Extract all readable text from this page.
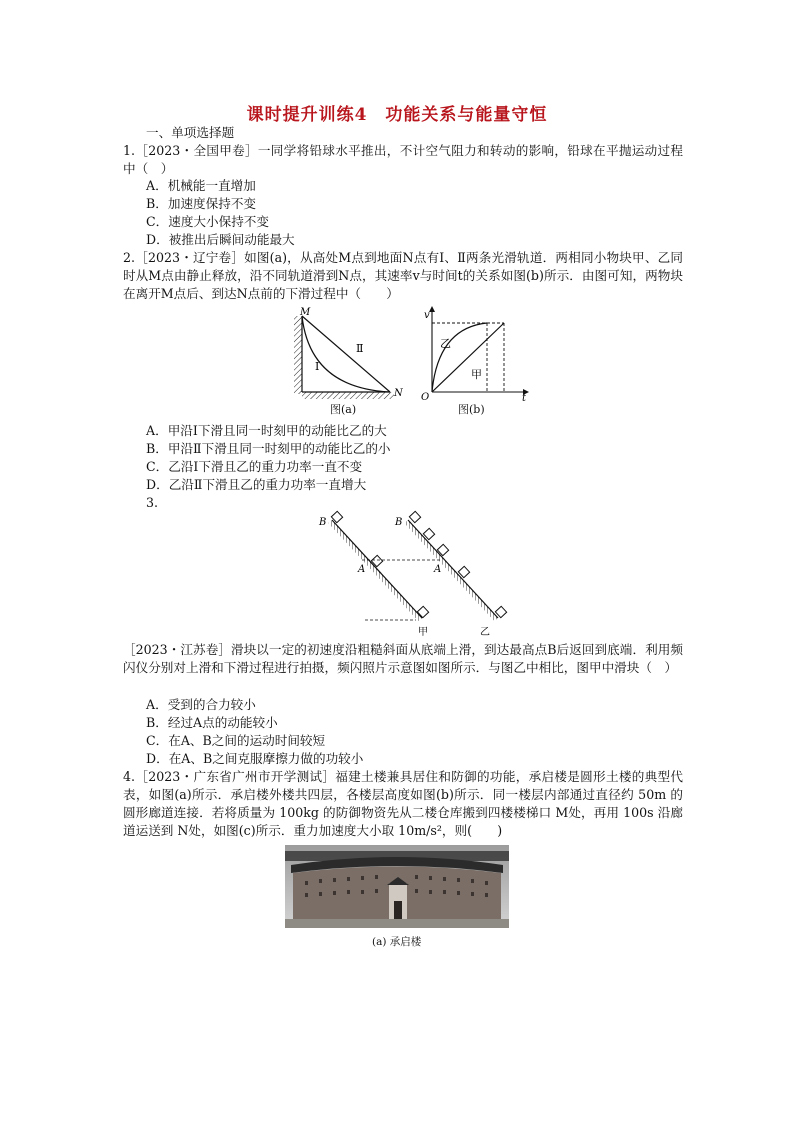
课时提升训练4　功能关系与能量守恒
一、单项选择题
1.［2023・全国甲卷］一同学将铅球水平推出，不计空气阻力和转动的影响，铅球在平抛运动过程中（　）
A．机械能一直增加
B．加速度保持不变
C．速度大小保持不变
D．被推出后瞬间动能最大
2.［2023・辽宁卷］如图(a)，从高处M点到地面N点有Ⅰ、Ⅱ两条光滑轨道．两相同小物块甲、乙同时从M点由静止释放，沿不同轨道滑到N点，其速率v与时间t的关系如图(b)所示．由图可知，两物块在离开M点后、到达N点前的下滑过程中（　　）
M
N
Ⅰ
Ⅱ
图(a)
v
t
O
乙
甲
图(b)
A．甲沿Ⅰ下滑且同一时刻甲的动能比乙的大
B．甲沿Ⅱ下滑且同一时刻甲的动能比乙的小
C．乙沿Ⅰ下滑且乙的重力功率一直不变
D．乙沿Ⅱ下滑且乙的重力功率一直增大
3.
B
A
甲
B
A
乙
［2023・江苏卷］滑块以一定的初速度沿粗糙斜面从底端上滑，到达最高点B后返回到底端．利用频闪仪分别对上滑和下滑过程进行拍摄，频闪照片示意图如图所示．与图乙中相比，图甲中滑块（　）
A．受到的合力较小
B．经过A点的动能较小
C．在A、B之间的运动时间较短
D．在A、B之间克服摩擦力做的功较小
4.［2023・广东省广州市开学测试］福建土楼兼具居住和防御的功能，承启楼是圆形土楼的典型代表，如图(a)所示．承启楼外楼共四层，各楼层高度如图(b)所示．同一楼层内部通过直径约 50m 的圆形廊道连接．若将质量为 100kg 的防御物资先从二楼仓库搬到四楼楼梯口 M处，再用 100s 沿廊道运送到 N处，如图(c)所示．重力加速度大小取 10m/s²，则(　　)
(a) 承启楼
